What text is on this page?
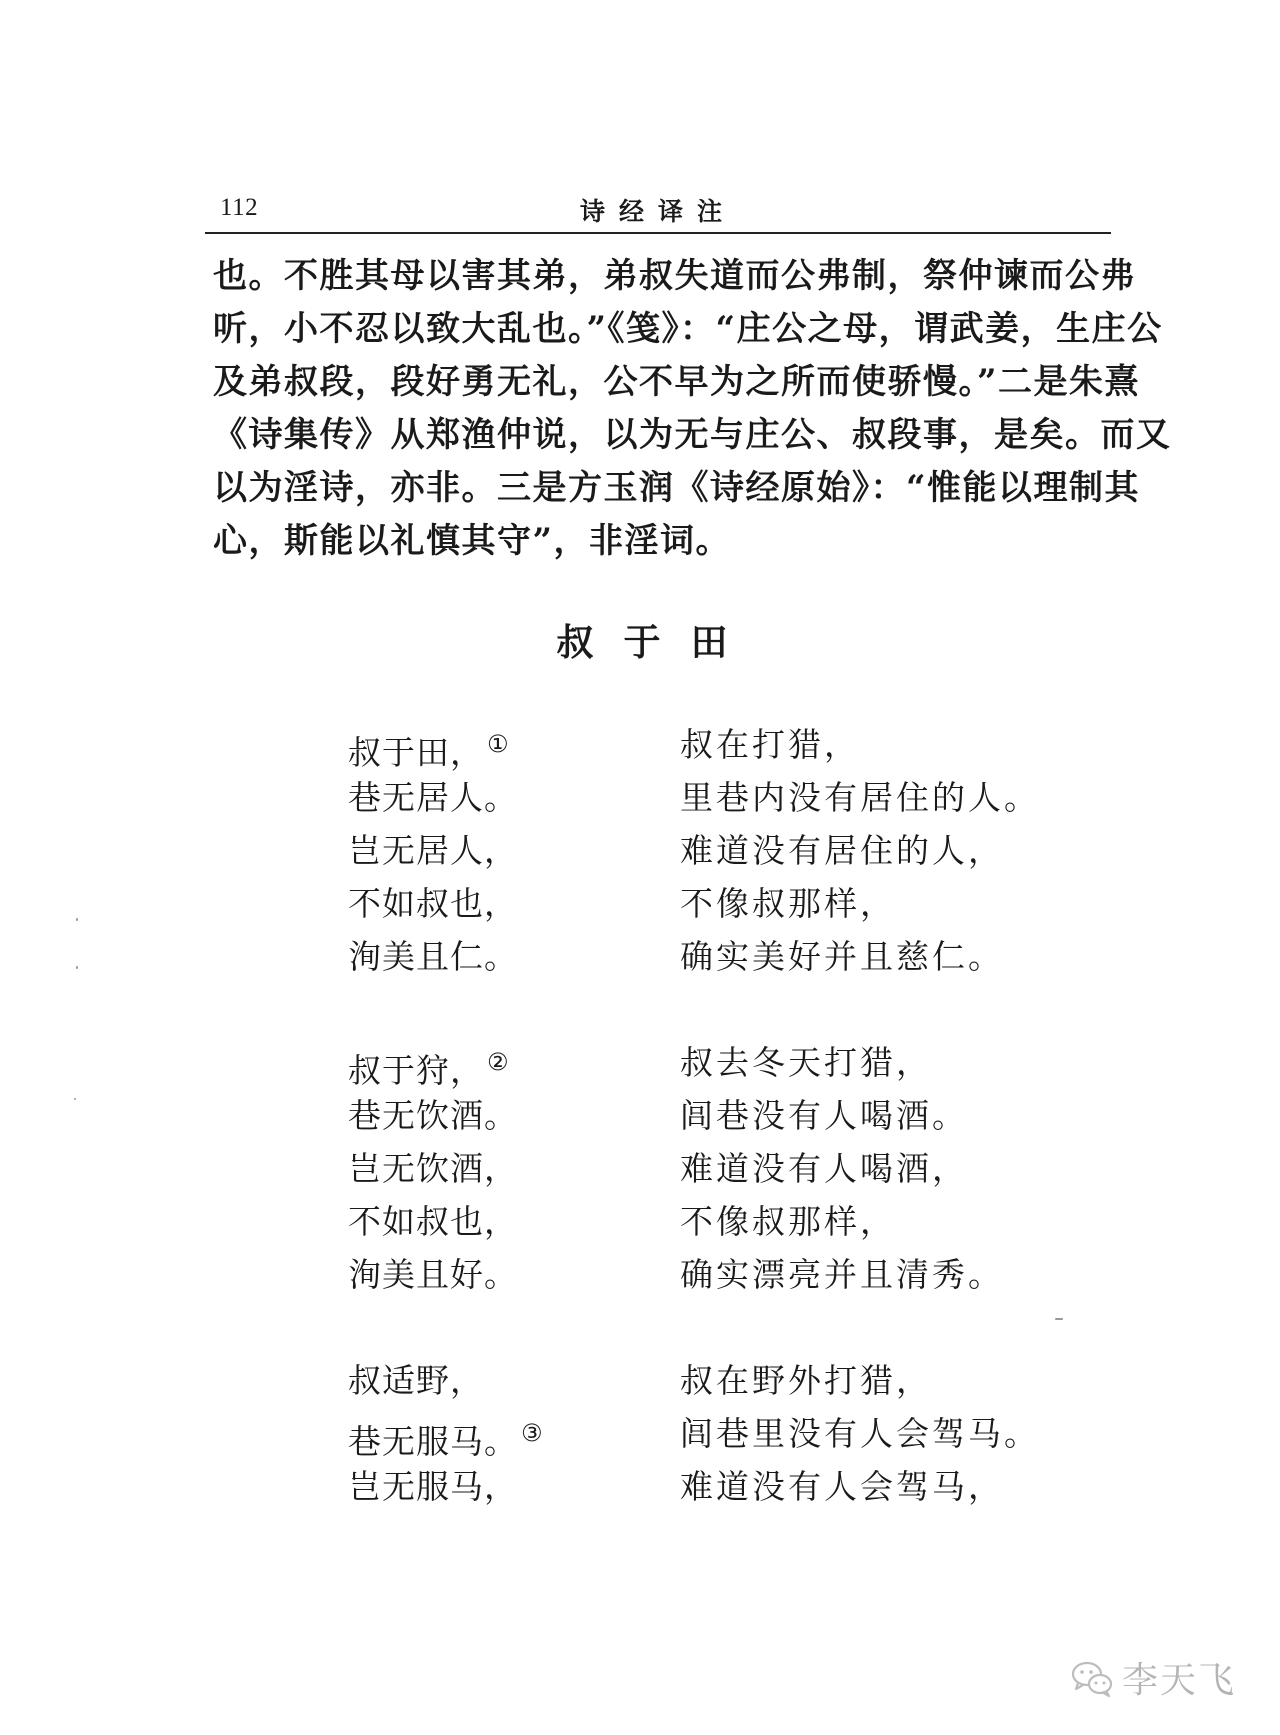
112	诗经译注
也。不胜其母以害其弟，弟叔失道而公弗制，祭仲谏而公弗
听，小不忍以致大乱也。”《笺》：“庄公之母，谓武姜，生庄公
及弟叔段，段好勇无礼，公不早为之所而使骄慢。”二是朱熹
《诗集传》从郑渔仲说，以为无与庄公、叔段事，是矣。而又
以为淫诗，亦非。三是方玉润《诗经原始》：“惟能以理制其
心，斯能以礼慎其守”，非淫词。
叔于田
叔于田， ①
巷无居人。
岂无居人，
不如叔也，
洵美且仁。
叔于狩， ②
巷无饮酒。
岂无饮酒，
不如叔也，
洵美且好。
叔适野，
巷无服马。 ③
岂无服马，
叔在打猎，
里巷内没有居住的人。
难道没有居住的人，
不像叔那样，
确实美好并且慈仁。
叔去冬天打猎，
闾巷没有人喝酒。
难道没有人喝酒，
不像叔那样，
确实漂亮并且清秀。
叔在野外打猎，
闾巷里没有人会驾马。
难道没有人会驾马，
李天飞
